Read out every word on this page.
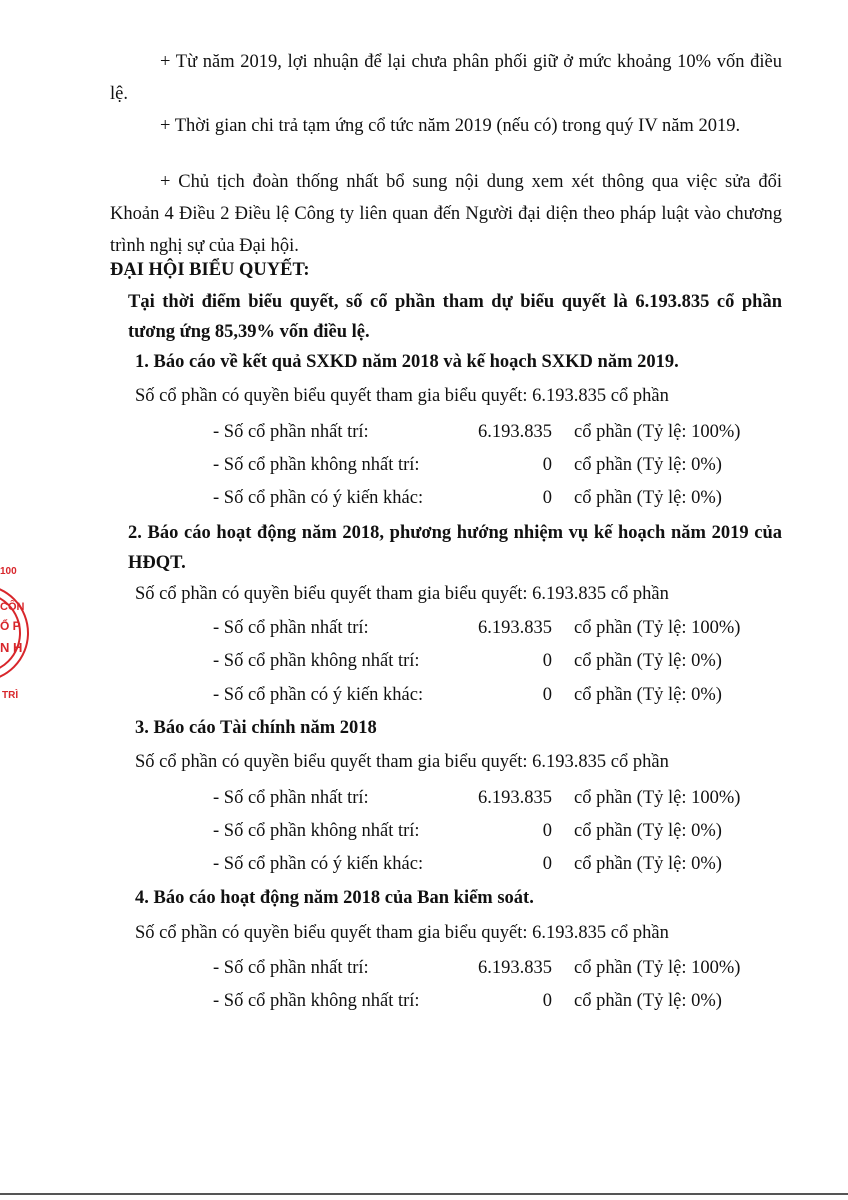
+ Từ năm 2019, lợi nhuận để lại chưa phân phối giữ ở mức khoảng 10% vốn điều lệ.
+ Thời gian chi trả tạm ứng cổ tức năm 2019 (nếu có) trong quý IV năm 2019.
+ Chủ tịch đoàn thống nhất bổ sung nội dung xem xét thông qua việc sửa đổi Khoản 4 Điều 2 Điều lệ Công ty liên quan đến Người đại diện theo pháp luật vào chương trình nghị sự của Đại hội.
ĐẠI HỘI BIỂU QUYẾT:
Tại thời điểm biểu quyết, số cổ phần tham dự biểu quyết là 6.193.835 cổ phần tương ứng 85,39% vốn điều lệ.
1. Báo cáo về kết quả SXKD năm 2018 và kế hoạch SXKD năm 2019.
Số cổ phần có quyền biểu quyết tham gia biểu quyết: 6.193.835 cổ phần
- Số cổ phần nhất trí:	6.193.835 cổ phần (Tỷ lệ: 100%)
- Số cổ phần không nhất trí:	0 cổ phần (Tỷ lệ: 0%)
- Số cổ phần có ý kiến khác:	0 cổ phần (Tỷ lệ: 0%)
2. Báo cáo hoạt động năm 2018, phương hướng nhiệm vụ kế hoạch năm 2019 của HĐQT.
Số cổ phần có quyền biểu quyết tham gia biểu quyết: 6.193.835 cổ phần
- Số cổ phần nhất trí:	6.193.835 cổ phần (Tỷ lệ: 100%)
- Số cổ phần không nhất trí:	0 cổ phần (Tỷ lệ: 0%)
- Số cổ phần có ý kiến khác:	0 cổ phần (Tỷ lệ: 0%)
3. Báo cáo Tài chính năm 2018
Số cổ phần có quyền biểu quyết tham gia biểu quyết: 6.193.835 cổ phần
- Số cổ phần nhất trí:	6.193.835 cổ phần (Tỷ lệ: 100%)
- Số cổ phần không nhất trí:	0 cổ phần (Tỷ lệ: 0%)
- Số cổ phần có ý kiến khác:	0 cổ phần (Tỷ lệ: 0%)
4. Báo cáo hoạt động năm 2018 của Ban kiểm soát.
Số cổ phần có quyền biểu quyết tham gia biểu quyết: 6.193.835 cổ phần
- Số cổ phần nhất trí:	6.193.835 cổ phần (Tỷ lệ: 100%)
- Số cổ phần không nhất trí:	0 cổ phần (Tỷ lệ: 0%)
100
CÔN
Ổ P
N H
TRÌ
